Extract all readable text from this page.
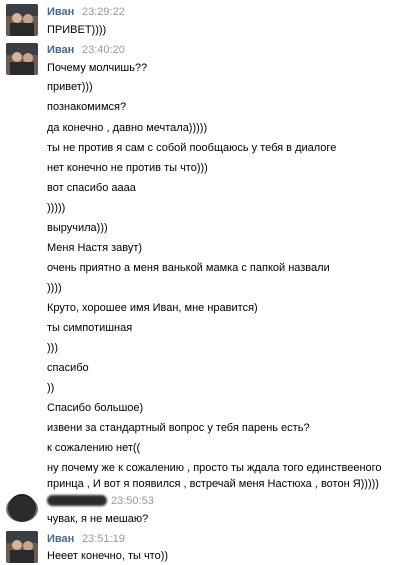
Иван 23:29:22
ПРИВЕТ))))
Иван 23:40:20
Почему молчишь??
привет)))
познакомимся?
да конечно , давно мечтала)))))
ты не против я сам с собой пообщаюсь у тебя в диалоге
нет конечно не против ты что)))
вот спасибо аааа
)))))
выручила)))
Меня Настя завут)
очень приятно а меня ванькой мамка с папкой назвали
))))
Круто, хорошее имя Иван, мне нравится)
ты симпотишная
)))
спасибо
))
Спасибо большое)
извени за стандартный вопрос у тебя парень есть?
к сожалению нет((
ну почему же к сожалению , просто ты ждала того единствееного
принца , И вот я появился , встречай меня Настюха , вотон Я)))))
23:50:53
чувак, я не мешаю?
Иван 23:51:19
Нееет конечно, ты что))
